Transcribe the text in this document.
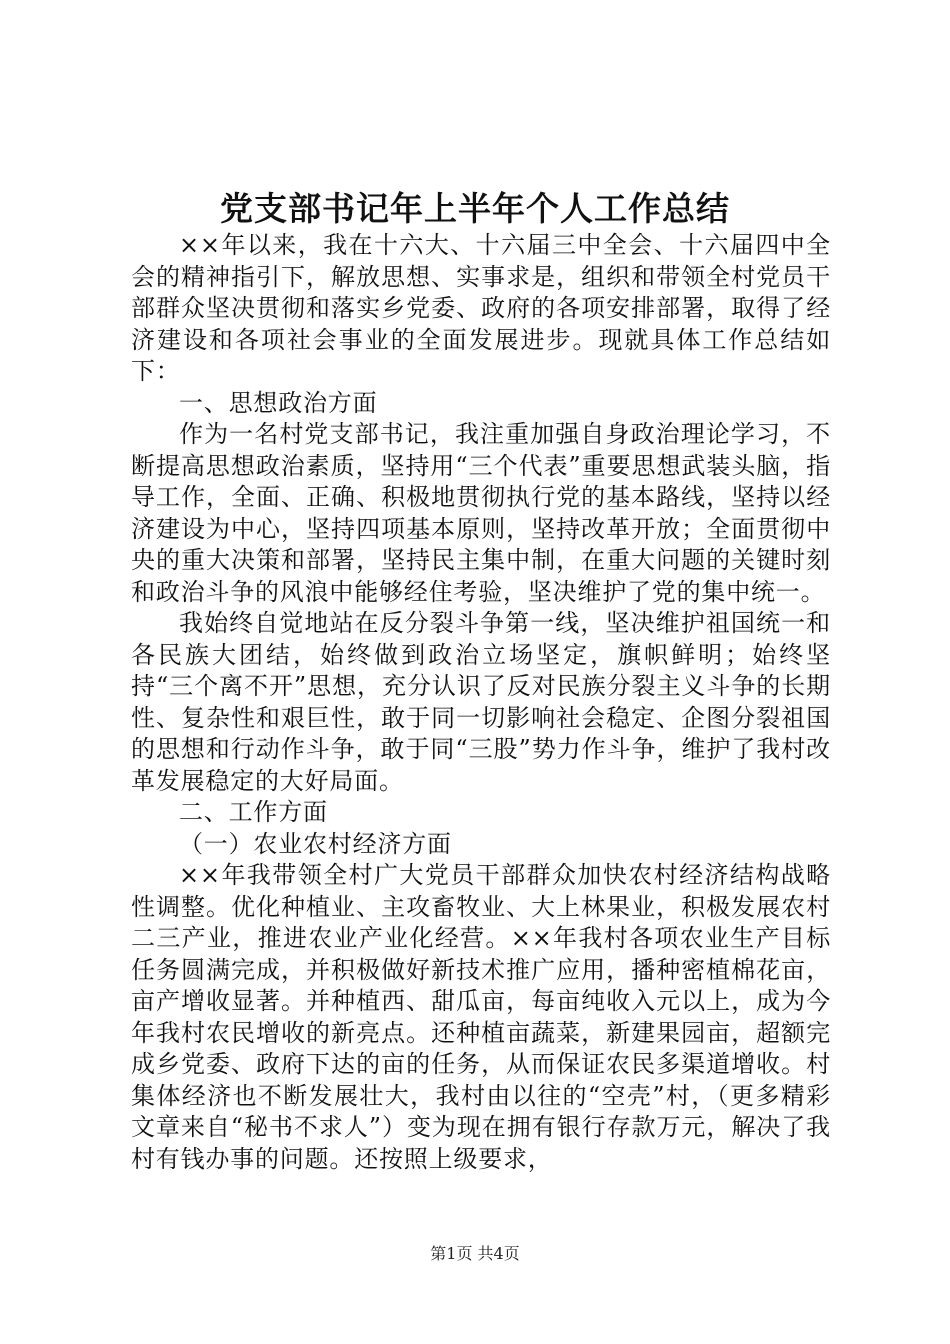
党支部书记年上半年个人工作总结

××年以来，我在十六大、十六届三中全会、十六届四中全会的精神指引下，解放思想、实事求是，组织和带领全村党员干部群众坚决贯彻和落实乡党委、政府的各项安排部署，取得了经济建设和各项社会事业的全面发展进步。现就具体工作总结如下：

一、思想政治方面

作为一名村党支部书记，我注重加强自身政治理论学习，不断提高思想政治素质，坚持用“三个代表”重要思想武装头脑，指导工作，全面、正确、积极地贯彻执行党的基本路线，坚持以经济建设为中心，坚持四项基本原则，坚持改革开放；全面贯彻中央的重大决策和部署，坚持民主集中制，在重大问题的关键时刻和政治斗争的风浪中能够经住考验，坚决维护了党的集中统一。

我始终自觉地站在反分裂斗争第一线，坚决维护祖国统一和各民族大团结，始终做到政治立场坚定，旗帜鲜明；始终坚持“三个离不开”思想，充分认识了反对民族分裂主义斗争的长期性、复杂性和艰巨性，敢于同一切影响社会稳定、企图分裂祖国的思想和行动作斗争，敢于同“三股”势力作斗争，维护了我村改革发展稳定的大好局面。

二、工作方面

（一）农业农村经济方面

××年我带领全村广大党员干部群众加快农村经济结构战略性调整。优化种植业、主攻畜牧业、大上林果业，积极发展农村二三产业，推进农业产业化经营。××年我村各项农业生产目标任务圆满完成，并积极做好新技术推广应用，播种密植棉花亩，亩产增收显著。并种植西、甜瓜亩，每亩纯收入元以上，成为今年我村农民增收的新亮点。还种植亩蔬菜，新建果园亩，超额完成乡党委、政府下达的亩的任务，从而保证农民多渠道增收。村集体经济也不断发展壮大，我村由以往的“空壳”村，（更多精彩文章来自“秘书不求人”）变为现在拥有银行存款万元，解决了我村有钱办事的问题。还按照上级要求，

第1页 共4页
